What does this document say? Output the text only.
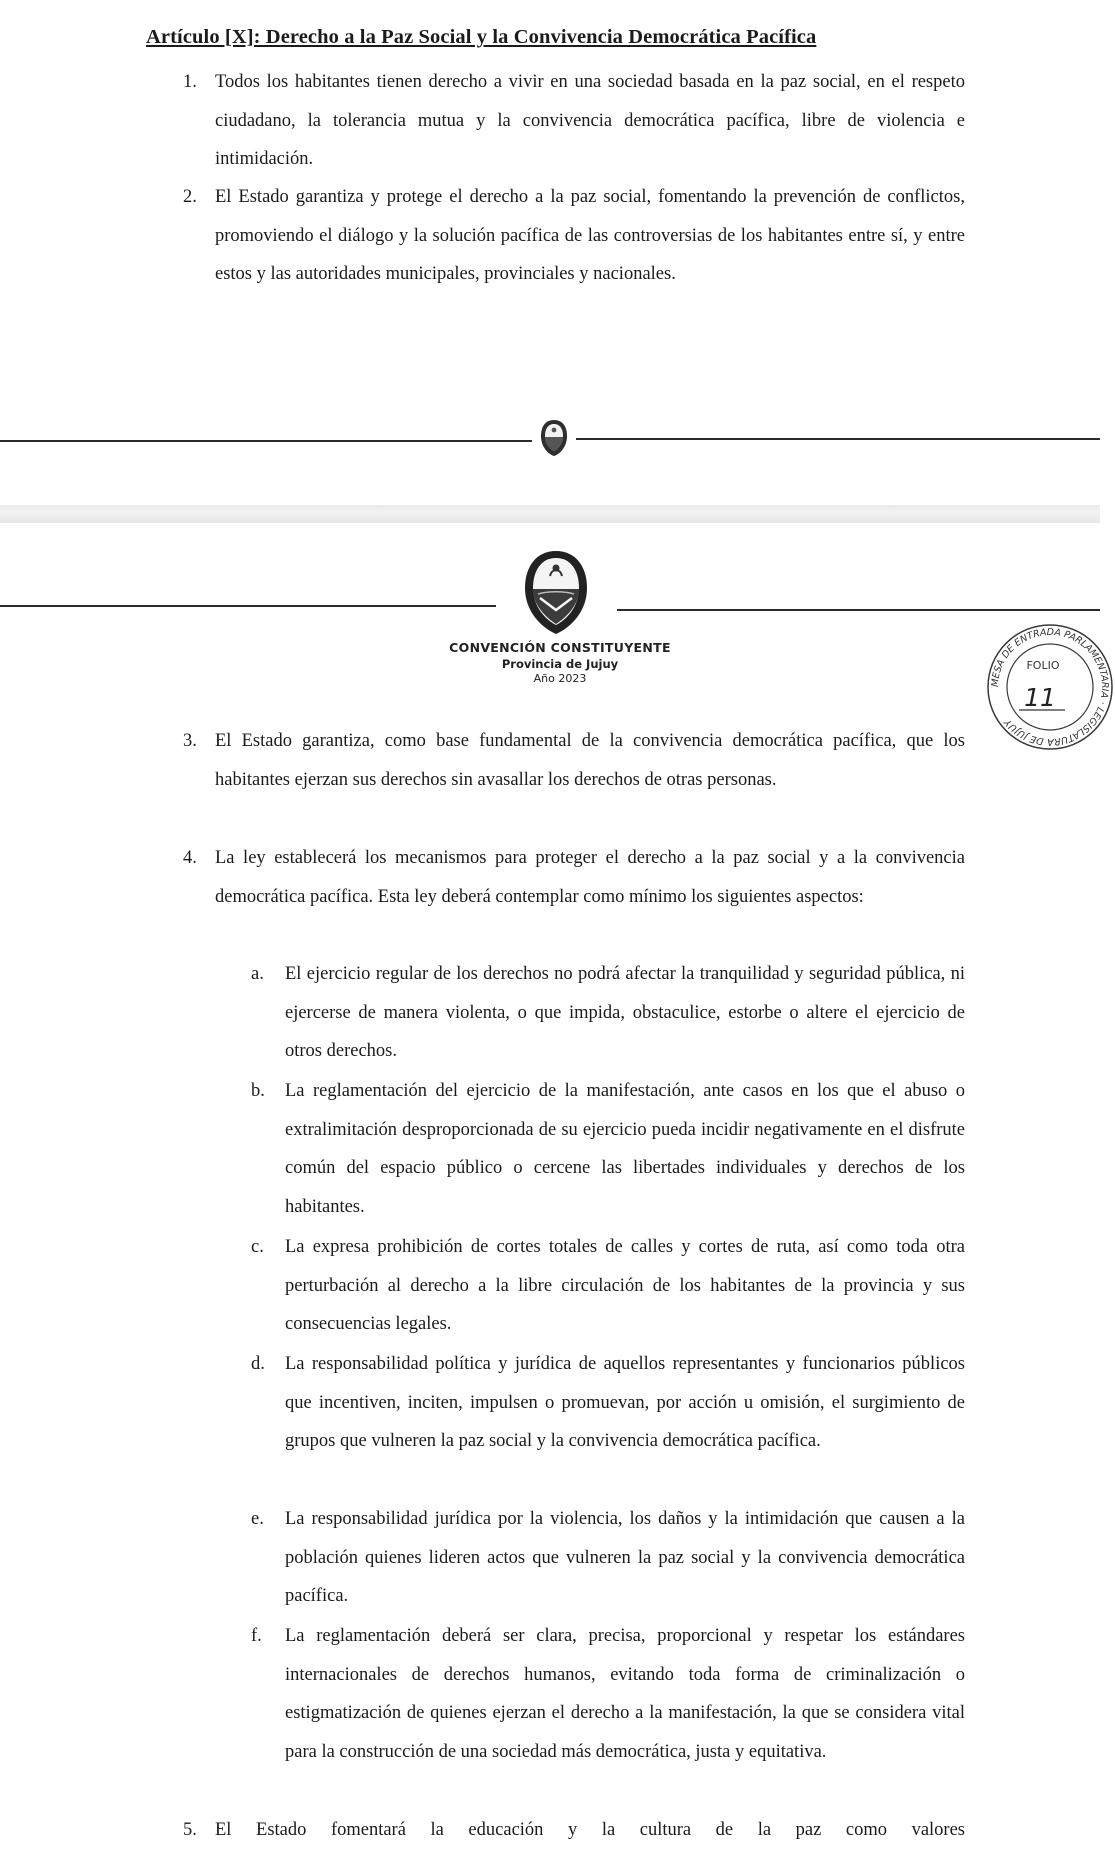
Artículo [X]: Derecho a la Paz Social y la Convivencia Democrática Pacífica
1. Todos los habitantes tienen derecho a vivir en una sociedad basada en la paz social, en el respeto ciudadano, la tolerancia mutua y la convivencia democrática pacífica, libre de violencia e intimidación.
2. El Estado garantiza y protege el derecho a la paz social, fomentando la prevención de conflictos, promoviendo el diálogo y la solución pacífica de las controversias de los habitantes entre sí, y entre estos y las autoridades municipales, provinciales y nacionales.
CONVENCIÓN CONSTITUYENTE
Provincia de Jujuy
Año 2023	MESA DE ENTRADA PARLAMENTARIA · LEGISLATURA DE JUJUY
FOLIO
11
3. El Estado garantiza, como base fundamental de la convivencia democrática pacífica, que los habitantes ejerzan sus derechos sin avasallar los derechos de otras personas.
4. La ley establecerá los mecanismos para proteger el derecho a la paz social y a la convivencia democrática pacífica. Esta ley deberá contemplar como mínimo los siguientes aspectos:
a. El ejercicio regular de los derechos no podrá afectar la tranquilidad y seguridad pública, ni ejercerse de manera violenta, o que impida, obstaculice, estorbe o altere el ejercicio de otros derechos.
b. La reglamentación del ejercicio de la manifestación, ante casos en los que el abuso o extralimitación desproporcionada de su ejercicio pueda incidir negativamente en el disfrute común del espacio público o cercene las libertades individuales y derechos de los habitantes.
c. La expresa prohibición de cortes totales de calles y cortes de ruta, así como toda otra perturbación al derecho a la libre circulación de los habitantes de la provincia y sus consecuencias legales.
d. La responsabilidad política y jurídica de aquellos representantes y funcionarios públicos que incentiven, inciten, impulsen o promuevan, por acción u omisión, el surgimiento de grupos que vulneren la paz social y la convivencia democrática pacífica.
e. La responsabilidad jurídica por la violencia, los daños y la intimidación que causen a la población quienes lideren actos que vulneren la paz social y la convivencia democrática pacífica.
f. La reglamentación deberá ser clara, precisa, proporcional y respetar los estándares internacionales de derechos humanos, evitando toda forma de criminalización o estigmatización de quienes ejerzan el derecho a la manifestación, la que se considera vital para la construcción de una sociedad más democrática, justa y equitativa.
5. El Estado fomentará la educación y la cultura de la paz como valores
